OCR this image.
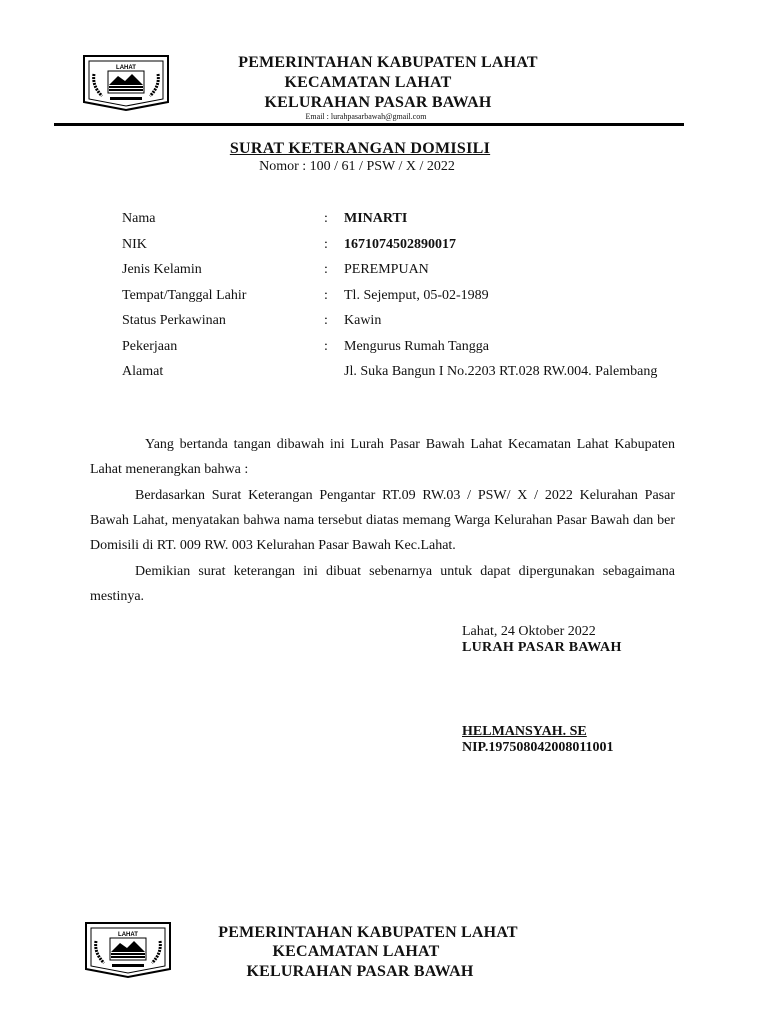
LAHAT	PEMERINTAHAN KABUPATEN LAHAT
KECAMATAN LAHAT
KELURAHAN PASAR BAWAH
Email : lurahpasarbawah@gmail.com
SURAT KETERANGAN DOMISILI
Nomor : 100 / 61 / PSW / X / 2022
Nama	: MINARTI
NIK	: 1671074502890017
Jenis Kelamin	: PEREMPUAN
Tempat/Tanggal Lahir	: Tl. Sejemput, 05-02-1989
Status Perkawinan	: Kawin
Pekerjaan	: Mengurus Rumah Tangga
Alamat	Jl. Suka Bangun I No.2203 RT.028 RW.004. Palembang
Yang bertanda tangan dibawah ini Lurah Pasar Bawah Lahat Kecamatan Lahat Kabupaten Lahat menerangkan bahwa :
Berdasarkan Surat Keterangan Pengantar RT.09 RW.03 / PSW/ X / 2022 Kelurahan Pasar Bawah Lahat, menyatakan bahwa nama tersebut diatas memang Warga Kelurahan Pasar Bawah dan ber Domisili di RT. 009 RW. 003 Kelurahan Pasar Bawah Kec.Lahat.
Demikian surat keterangan ini dibuat sebenarnya untuk dapat dipergunakan sebagaimana mestinya.
Lahat, 24 Oktober 2022
LURAH PASAR BAWAH
HELMANSYAH. SE
NIP.197508042008011001
LAHAT	PEMERINTAHAN KABUPATEN LAHAT
KECAMATAN LAHAT
KELURAHAN PASAR BAWAH
